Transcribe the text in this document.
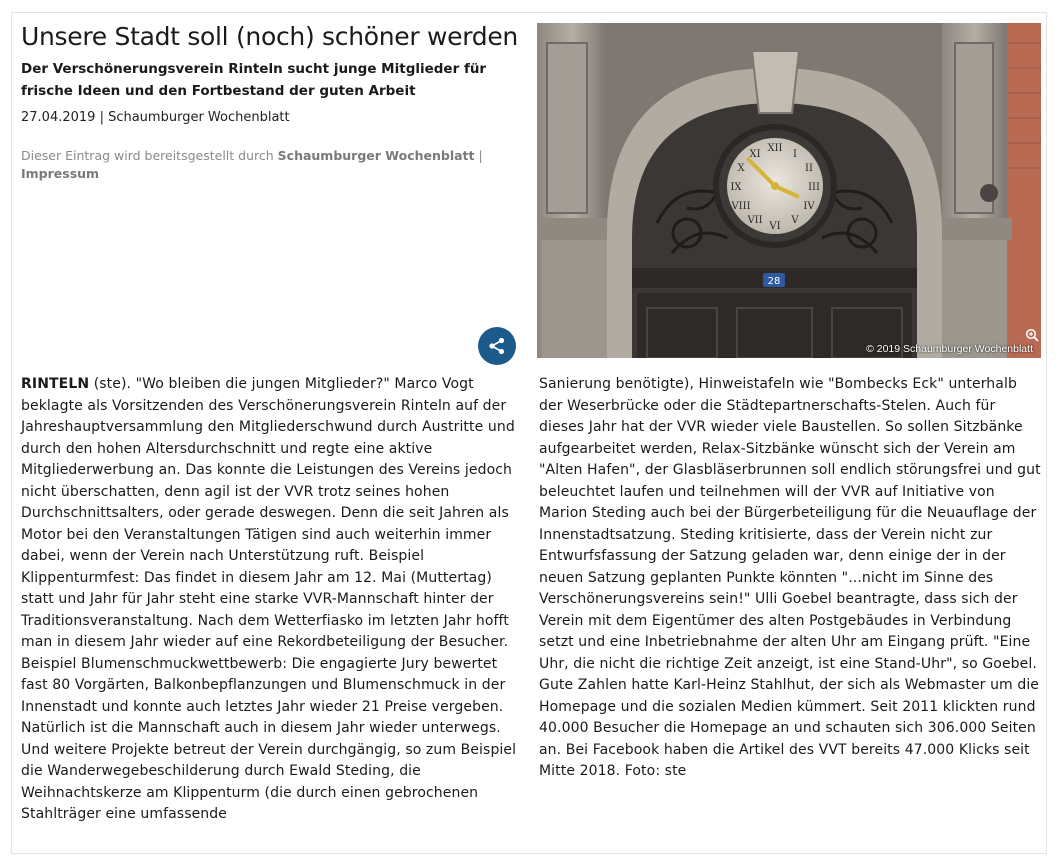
Unsere Stadt soll (noch) schöner werden
Der Verschönerungsverein Rinteln sucht junge Mitglieder für frische Ideen und den Fortbestand der guten Arbeit
27.04.2019 | Schaumburger Wochenblatt
Dieser Eintrag wird bereitsgestellt durch Schaumburger Wochenblatt |
Impressum
XII
III
VI
IX
I
II
IV
V
VII
VIII
X
XI
28
© 2019 Schaumburger Wochenblatt

RINTELN (ste). "Wo bleiben die jungen Mitglieder?" Marco Vogt beklagte als Vorsitzenden des Verschönerungsverein Rinteln auf der Jahreshauptversammlung den Mitgliederschwund durch Austritte und durch den hohen Altersdurchschnitt und regte eine aktive Mitgliederwerbung an. Das konnte die Leistungen des Vereins jedoch nicht überschatten, denn agil ist der VVR trotz seines hohen Durchschnittsalters, oder gerade deswegen. Denn die seit Jahren als Motor bei den Veranstaltungen Tätigen sind auch weiterhin immer dabei, wenn der Verein nach Unterstützung ruft. Beispiel Klippenturmfest: Das findet in diesem Jahr am 12. Mai (Muttertag) statt und Jahr für Jahr steht eine starke VVR-Mannschaft hinter der Traditionsveranstaltung. Nach dem Wetterfiasko im letzten Jahr hofft man in diesem Jahr wieder auf eine Rekordbeteiligung der Besucher. Beispiel Blumenschmuckwettbewerb: Die engagierte Jury bewertet fast 80 Vorgärten, Balkonbepflanzungen und Blumenschmuck in der Innenstadt und konnte auch letztes Jahr wieder 21 Preise vergeben. Natürlich ist die Mannschaft auch in diesem Jahr wieder unterwegs. Und weitere Projekte betreut der Verein durchgängig, so zum Beispiel die Wanderwegebeschilderung durch Ewald Steding, die Weihnachtskerze am Klippenturm (die durch einen gebrochenen Stahlträger eine umfassende

Sanierung benötigte), Hinweistafeln wie "Bombecks Eck" unterhalb der Weserbrücke oder die Städtepartnerschafts-Stelen. Auch für dieses Jahr hat der VVR wieder viele Baustellen. So sollen Sitzbänke aufgearbeitet werden, Relax-Sitzbänke wünscht sich der Verein am "Alten Hafen", der Glasbläserbrunnen soll endlich störungsfrei und gut beleuchtet laufen und teilnehmen will der VVR auf Initiative von Marion Steding auch bei der Bürgerbeteiligung für die Neuauflage der Innenstadtsatzung. Steding kritisierte, dass der Verein nicht zur Entwurfsfassung der Satzung geladen war, denn einige der in der neuen Satzung geplanten Punkte könnten "...nicht im Sinne des Verschönerungsvereins sein!" Ulli Goebel beantragte, dass sich der Verein mit dem Eigentümer des alten Postgebäudes in Verbindung setzt und eine Inbetriebnahme der alten Uhr am Eingang prüft. "Eine Uhr, die nicht die richtige Zeit anzeigt, ist eine Stand-Uhr", so Goebel. Gute Zahlen hatte Karl-Heinz Stahlhut, der sich als Webmaster um die Homepage und die sozialen Medien kümmert. Seit 2011 klickten rund 40.000 Besucher die Homepage an und schauten sich 306.000 Seiten an. Bei Facebook haben die Artikel des VVT bereits 47.000 Klicks seit Mitte 2018. Foto: ste
